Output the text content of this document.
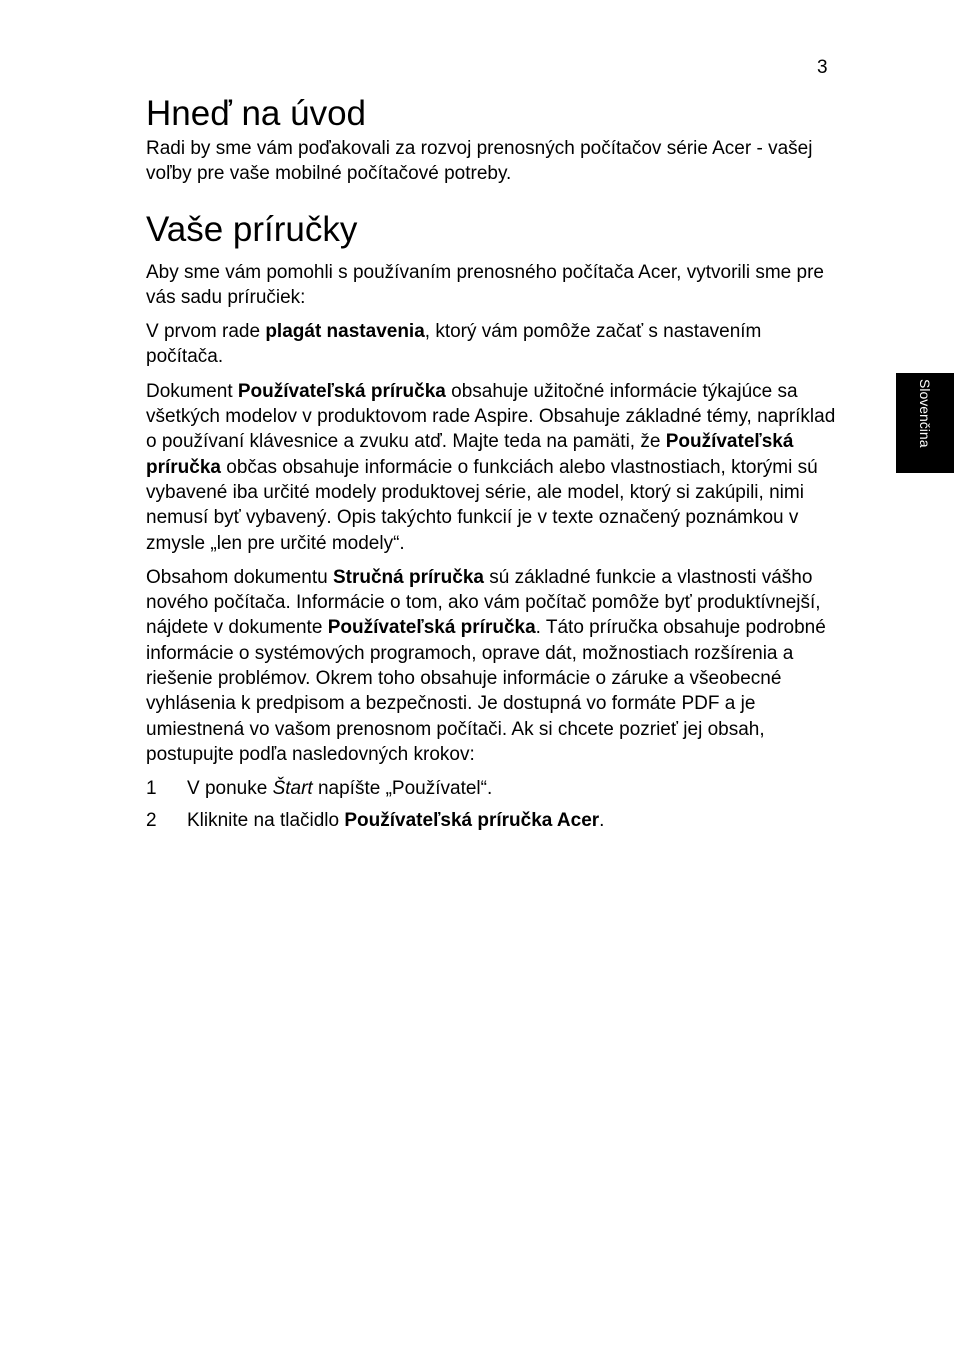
3
Slovenčina
Hneď na úvod

Radi by sme vám poďakovali za rozvoj prenosných počítačov série Acer - vašej voľby pre vaše mobilné počítačové potreby.

Vaše príručky

Aby sme vám pomohli s používaním prenosného počítača Acer, vytvorili sme pre vás sadu príručiek:

V prvom rade plagát nastavenia, ktorý vám pomôže začať s nastavením počítača.

Dokument Používateľská príručka obsahuje užitočné informácie týkajúce sa všetkých modelov v produktovom rade Aspire. Obsahuje základné témy, napríklad o používaní klávesnice a zvuku atď. Majte teda na pamäti, že Používateľská príručka občas obsahuje informácie o funkciách alebo vlastnostiach, ktorými sú vybavené iba určité modely produktovej série, ale model, ktorý si zakúpili, nimi nemusí byť vybavený. Opis takýchto funkcií je v texte označený poznámkou v zmysle „len pre určité modely“.

Obsahom dokumentu Stručná príručka sú základné funkcie a vlastnosti vášho nového počítača. Informácie o tom, ako vám počítač pomôže byť produktívnejší, nájdete v dokumente Používateľská príručka. Táto príručka obsahuje podrobné informácie o systémových programoch, oprave dát, možnostiach rozšírenia a riešenie problémov. Okrem toho obsahuje informácie o záruke a všeobecné vyhlásenia k predpisom a bezpečnosti. Je dostupná vo formáte PDF a je umiestnená vo vašom prenosnom počítači. Ak si chcete pozrieť jej obsah, postupujte podľa nasledovných krokov:

1	V ponuke Štart napíšte „Používatel“.
2	Kliknite na tlačidlo Používateľská príručka Acer.
